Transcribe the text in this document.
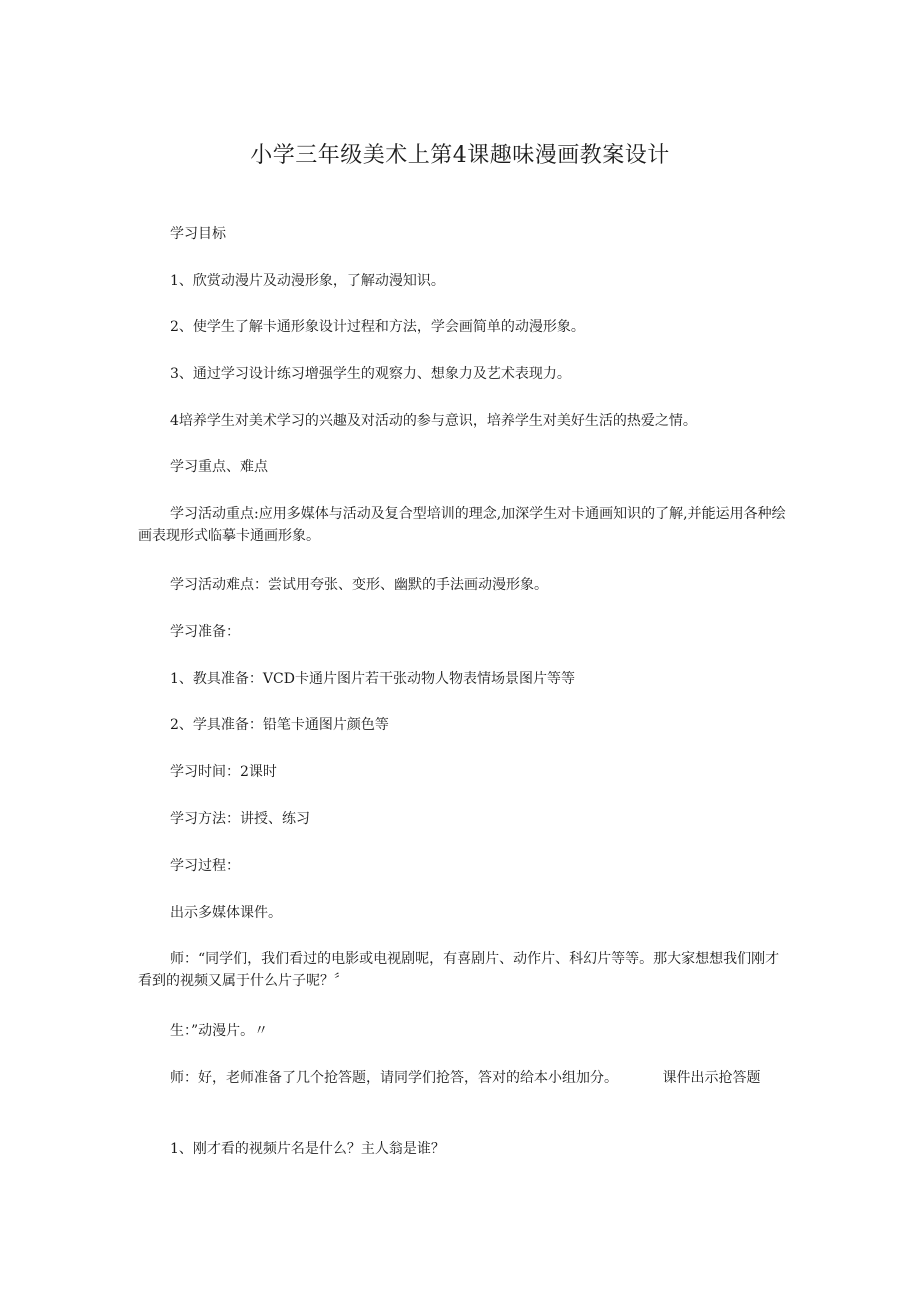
小学三年级美术上第4课趣味漫画教案设计

学习目标

1、欣赏动漫片及动漫形象，了解动漫知识。

2、使学生了解卡通形象设计过程和方法，学会画简单的动漫形象。

3、通过学习设计练习增强学生的观察力、想象力及艺术表现力。

4培养学生对美术学习的兴趣及对活动的参与意识，培养学生对美好生活的热爱之情。

学习重点、难点

学习活动重点:应用多媒体与活动及复合型培训的理念,加深学生对卡通画知识的了解,并能运用各种绘画表现形式临摹卡通画形象。

学习活动难点：尝试用夸张、变形、幽默的手法画动漫形象。

学习准备：

1、教具准备：VCD卡通片图片若干张动物人物表情场景图片等等

2、学具准备：铅笔卡通图片颜色等

学习时间：2课时

学习方法：讲授、练习

学习过程：

出示多媒体课件。

师：“同学们，我们看过的电影或电视剧呢，有喜剧片、动作片、科幻片等等。那大家想想我们刚才看到的视频又属于什么片子呢？〞

生：”动漫片。〃

师：好，老师准备了几个抢答题，请同学们抢答，答对的给本小组加分。          课件出示抢答题

1、刚才看的视频片名是什么？主人翁是谁？
